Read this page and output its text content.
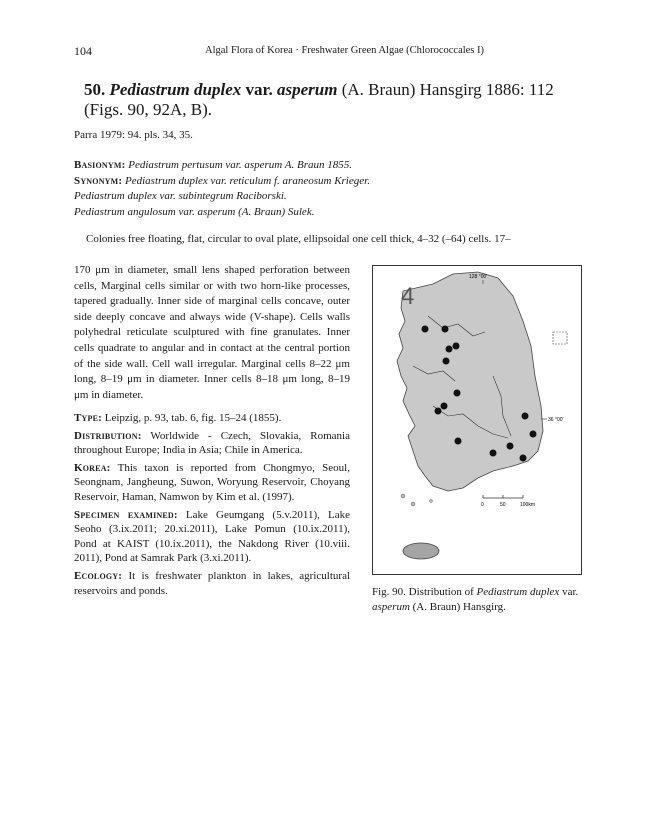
104	Algal Flora of Korea · Freshwater Green Algae (Chlorococcales I)
50. Pediastrum duplex var. asperum (A. Braun) Hansgirg 1886: 112
(Figs. 90, 92A, B).
Parra 1979: 94. pls. 34, 35.
Basionym: Pediastrum pertusum var. asperum A. Braun 1855.
Synonym: Pediastrum duplex var. reticulum f. araneosum Krieger.
Pediastrum duplex var. subintegrum Raciborski.
Pediastrum angulosum var. asperum (A. Braun) Sulek.
Colonies free floating, flat, circular to oval plate, ellipsoidal one cell thick, 4–32 (–64) cells. 17–
170 μm in diameter, small lens shaped perforation between cells, Marginal cells similar or with two horn-like processes, tapered gradually. Inner side of marginal cells concave, outer side deeply concave and always wide (V-shape). Cells walls polyhedral reticulate sculptured with fine granulates. Inner cells quadrate to angular and in contact at the central portion of the side wall. Cell wall irregular. Marginal cells 8–22 μm long, 8–19 μm in diameter. Inner cells 8–18 μm long, 8–19 μm in diameter.

Type: Leipzig, p. 93, tab. 6, fig. 15–24 (1855).

Distribution: Worldwide - Czech, Slovakia, Romania throughout Europe; India in Asia; Chile in America.

Korea: This taxon is reported from Chongmyo, Seoul, Seongnam, Jangheung, Suwon, Woryung Reservoir, Choyang Reservoir, Haman, Namwon by Kim et al. (1997).

Specimen examined: Lake Geumgang (5.v.2011), Lake Seoho (3.ix.2011; 20.xi.2011), Lake Pomun (10.ix.2011), Pond at KAIST (10.ix.2011), the Nakdong River (10.viii. 2011), Pond at Samrak Park (3.xi.2011).

Ecology: It is freshwater plankton in lakes, agricultural reservoirs and ponds.

128 °00'
36 °00'
0	50	100km
4
Fig. 90. Distribution of Pediastrum duplex var. asperum (A. Braun) Hansgirg.
